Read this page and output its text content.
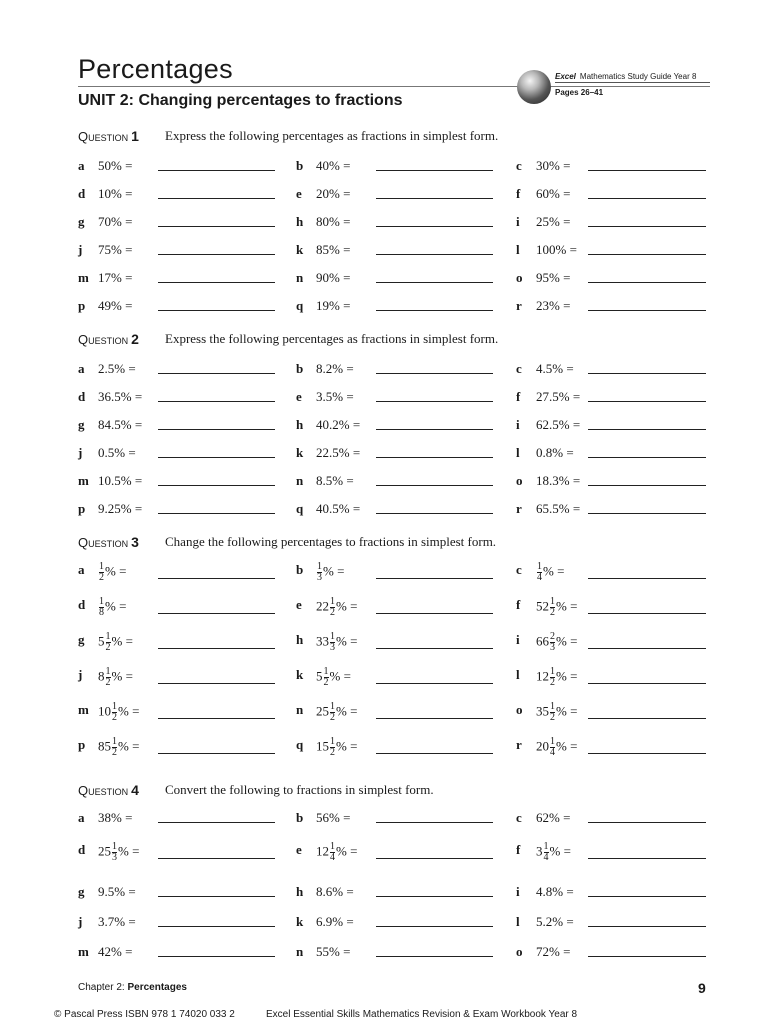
Percentages
UNIT 2: Changing percentages to fractions
Excel Mathematics Study Guide Year 8
Pages 26–41
Question 1 Express the following percentages as fractions in simplest form.
a 50% =	b 40% =	c 30% =
d 10% =	e 20% =	f 60% =
g 70% =	h 80% =	i 25% =
j 75% =	k 85% =	l 100% =
m 17% =	n 90% =	o 95% =
p 49% =	q 19% =	r 23% =
Question 2 Express the following percentages as fractions in simplest form.
a 2.5% =	b 8.2% =	c 4.5% =
d 36.5% =	e 3.5% =	f 27.5% =
g 84.5% =	h 40.2% =	i 62.5% =
j 0.5% =	k 22.5% =	l 0.8% =
m 10.5% =	n 8.5% =	o 18.3% =
p 9.25% =	q 40.5% =	r 65.5% =
Question 3 Change the following percentages to fractions in simplest form.
a $\frac{1}{2}$ % =	b $\frac{1}{3}$ % =	c $\frac{1}{4}$ % =
d $\frac{1}{8}$ % =	e $22 \frac{1}{2}$ % =	f $52 \frac{1}{2}$ % =
g $5 \frac{1}{2}$ % =	h $33 \frac{1}{3}$ % =	i $66 \frac{2}{3}$ % =
j $8 \frac{1}{2}$ % =	k $5 \frac{1}{2}$ % =	l $12 \frac{1}{2}$ % =
m $10 \frac{1}{2}$ % =	n $25 \frac{1}{2}$ % =	o $35 \frac{1}{2}$ % =
p $85 \frac{1}{2}$ % =	q $15 \frac{1}{2}$ % =	r $20 \frac{1}{4}$ % =
Question 4 Convert the following to fractions in simplest form.
a 38% =	b 56% =	c 62% =
d $25 \frac{1}{3}$ % =	e $12 \frac{1}{4}$ % =	f $3 \frac{1}{4}$ % =
g 9.5% =	h 8.6% =	i 4.8% =
j 3.7% =	k 6.9% =	l 5.2% =
m 42% =	n 55% =	o 72% =
Chapter 2: Percentages	9
© Pascal Press ISBN 978 1 74020 033 2	Excel Essential Skills Mathematics Revision & Exam Workbook Year 8
